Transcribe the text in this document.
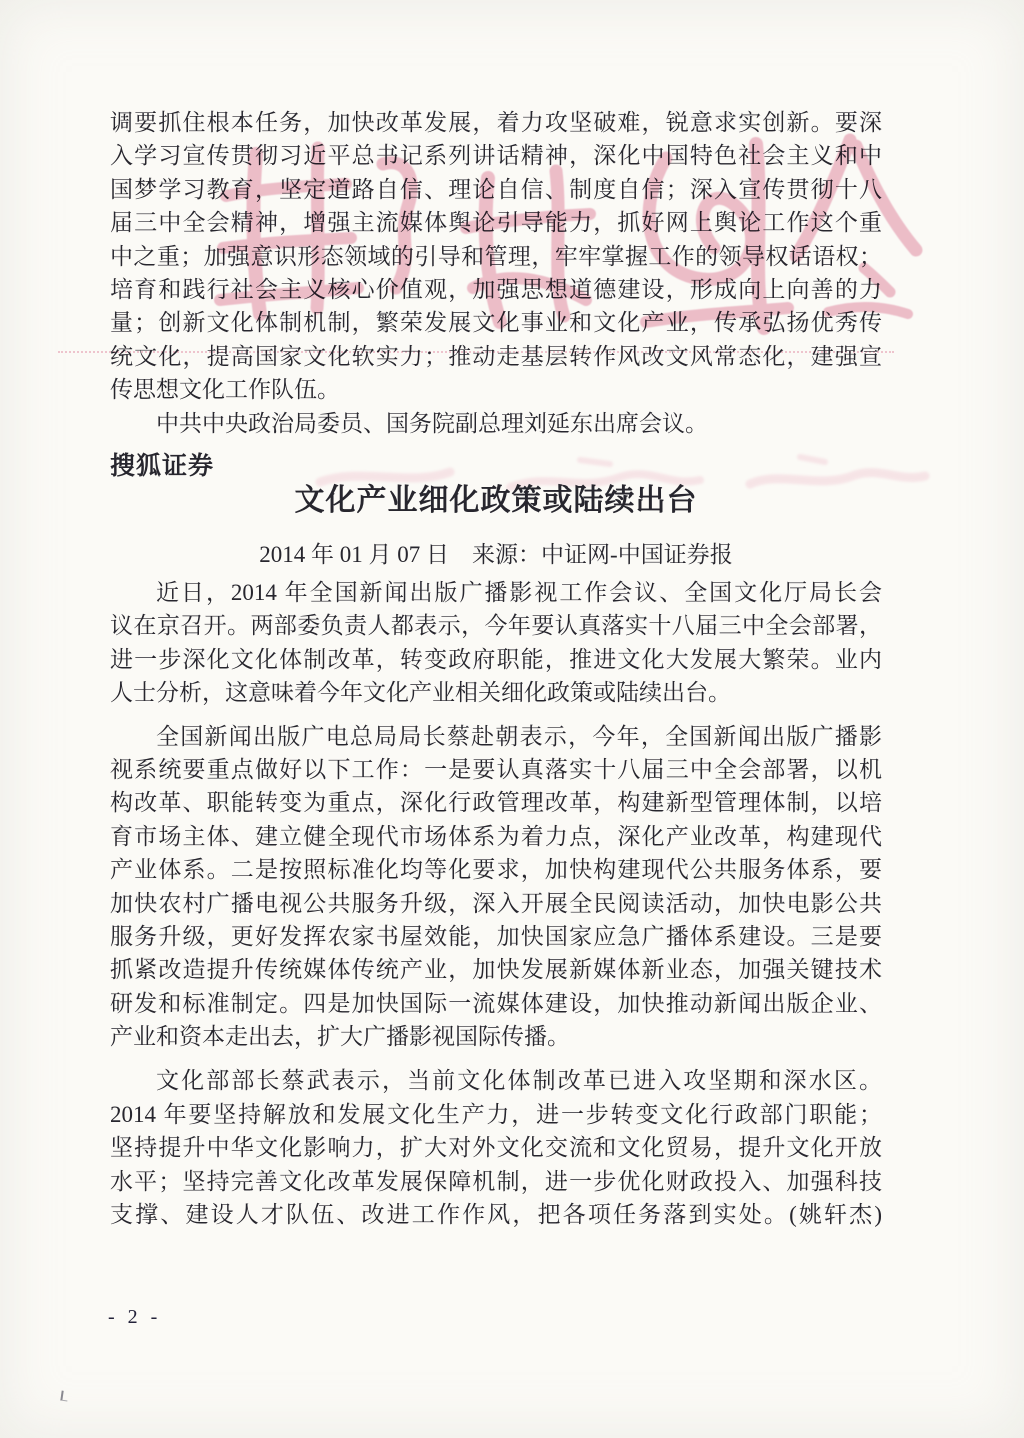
调要抓住根本任务，加快改革发展，着力攻坚破难，锐意求实创新。要深
入学习宣传贯彻习近平总书记系列讲话精神，深化中国特色社会主义和中
国梦学习教育，坚定道路自信、理论自信、制度自信；深入宣传贯彻十八
届三中全会精神，增强主流媒体舆论引导能力，抓好网上舆论工作这个重
中之重；加强意识形态领域的引导和管理，牢牢掌握工作的领导权话语权；
培育和践行社会主义核心价值观，加强思想道德建设，形成向上向善的力
量；创新文化体制机制，繁荣发展文化事业和文化产业，传承弘扬优秀传
统文化，提高国家文化软实力；推动走基层转作风改文风常态化，建强宣
传思想文化工作队伍。
中共中央政治局委员、国务院副总理刘延东出席会议。
搜狐证券
文化产业细化政策或陆续出台
2014 年 01 月 07 日　来源：中证网-中国证券报
近日，2014 年全国新闻出版广播影视工作会议、全国文化厅局长会
议在京召开。两部委负责人都表示，今年要认真落实十八届三中全会部署，
进一步深化文化体制改革，转变政府职能，推进文化大发展大繁荣。业内
人士分析，这意味着今年文化产业相关细化政策或陆续出台。
全国新闻出版广电总局局长蔡赴朝表示，今年，全国新闻出版广播影
视系统要重点做好以下工作：一是要认真落实十八届三中全会部署，以机
构改革、职能转变为重点，深化行政管理改革，构建新型管理体制，以培
育市场主体、建立健全现代市场体系为着力点，深化产业改革，构建现代
产业体系。二是按照标准化均等化要求，加快构建现代公共服务体系，要
加快农村广播电视公共服务升级，深入开展全民阅读活动，加快电影公共
服务升级，更好发挥农家书屋效能，加快国家应急广播体系建设。三是要
抓紧改造提升传统媒体传统产业，加快发展新媒体新业态，加强关键技术
研发和标准制定。四是加快国际一流媒体建设，加快推动新闻出版企业、
产业和资本走出去，扩大广播影视国际传播。
文化部部长蔡武表示，当前文化体制改革已进入攻坚期和深水区。
2014 年要坚持解放和发展文化生产力，进一步转变文化行政部门职能；
坚持提升中华文化影响力，扩大对外文化交流和文化贸易，提升文化开放
水平；坚持完善文化改革发展保障机制，进一步优化财政投入、加强科技
支撑、建设人才队伍、改进工作作风，把各项任务落到实处。(姚轩杰)
- 2 -
